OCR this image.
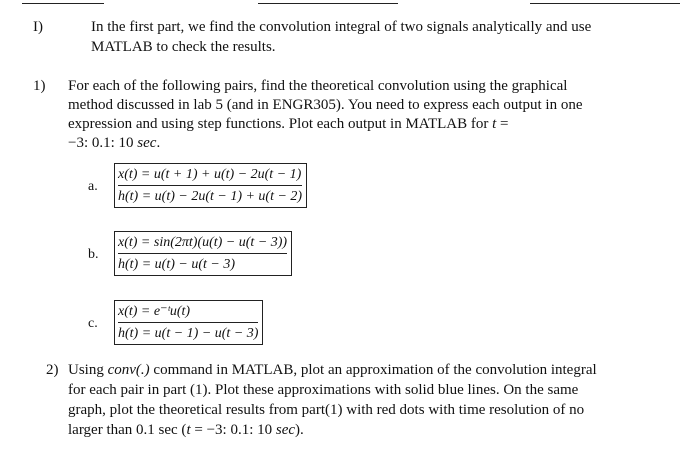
I)	In the first part, we find the convolution integral of two signals analytically and use
MATLAB to check the results.
1) For each of the following pairs, find the theoretical convolution using the graphical
method discussed in lab 5 (and in ENGR305). You need to express each output in one
expression and using step functions. Plot each output in MATLAB for t =
−3: 0.1: 10 sec.
a.
x(t) = u(t + 1) + u(t) − 2u(t − 1)
h(t) = u(t) − 2u(t − 1) + u(t − 2)
b.
x(t) = sin(2πt)(u(t) − u(t − 3))
h(t) = u(t) − u(t − 3)
c.
x(t) = e⁻ᵗu(t)
h(t) = u(t − 1) − u(t − 3)
2) Using conv(.) command in MATLAB, plot an approximation of the convolution integral
for each pair in part (1). Plot these approximations with solid blue lines. On the same
graph, plot the theoretical results from part(1) with red dots with time resolution of no
larger than 0.1 sec (t = −3: 0.1: 10 sec).
